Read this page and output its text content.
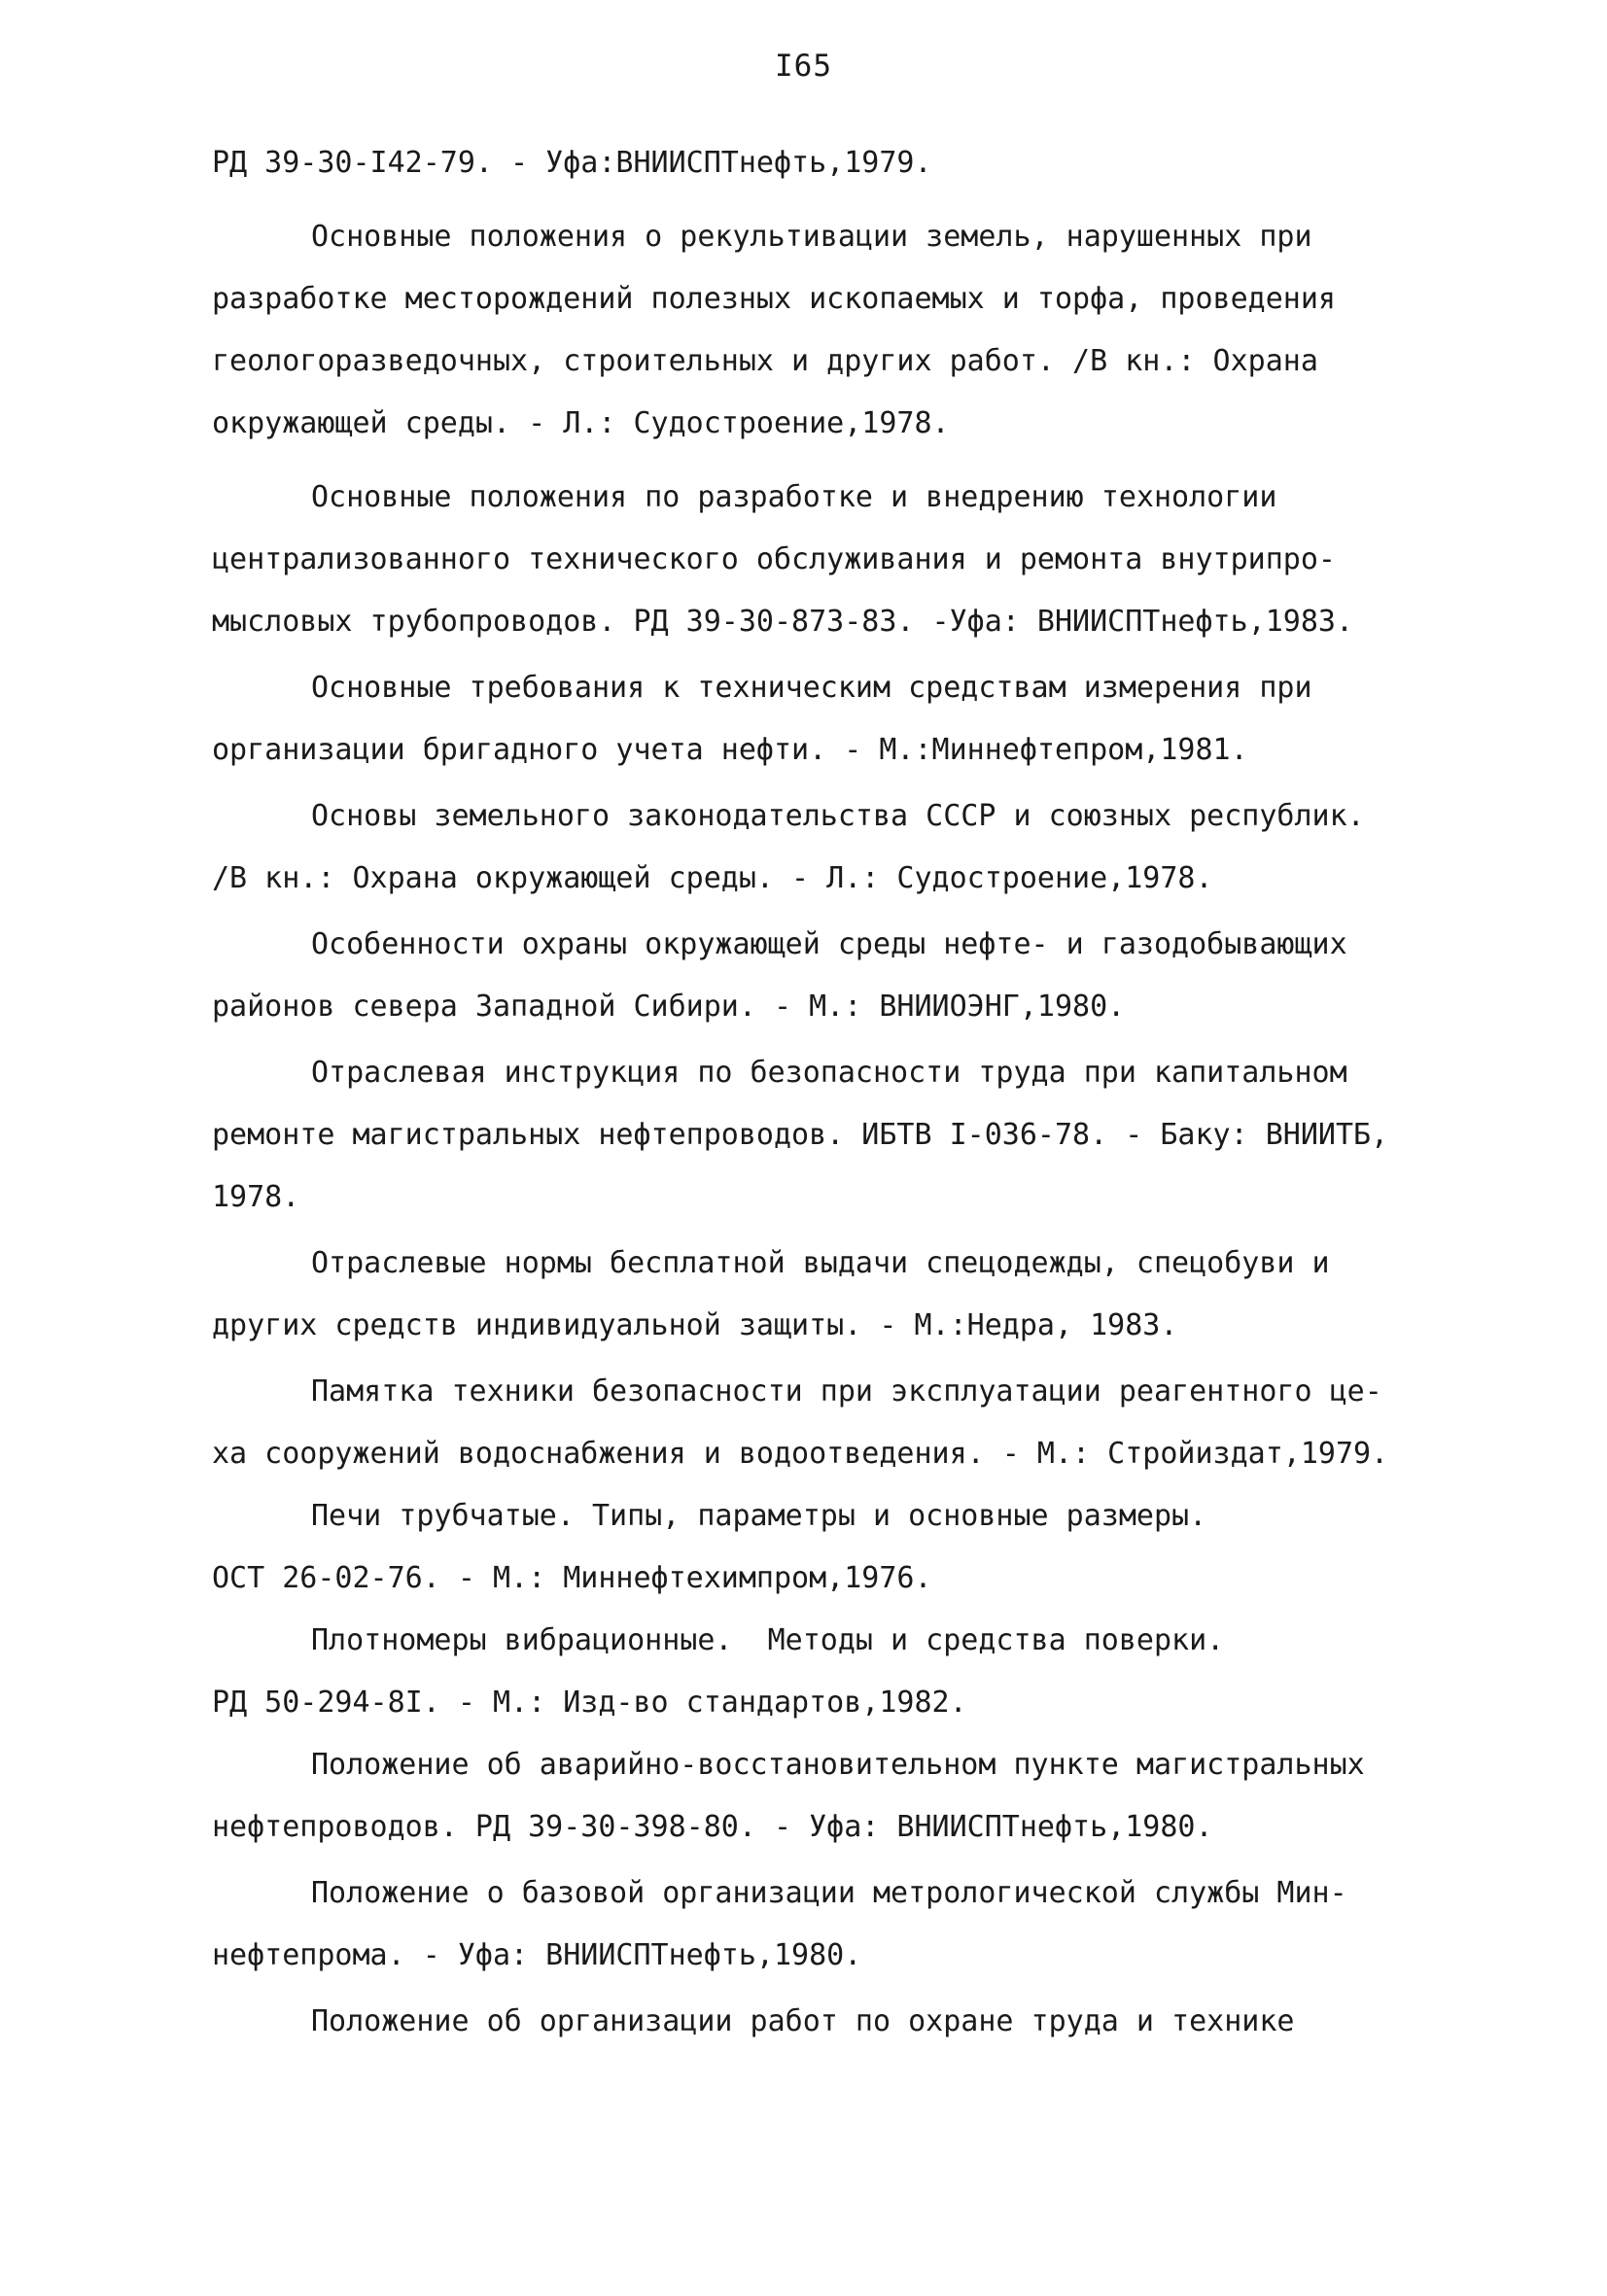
I65
РД 39-30-I42-79. - Уфа:ВНИИСПТнефть,1979.
Основные положения о рекультивации земель, нарушенных при
разработке месторождений полезных ископаемых и торфа, проведения
геологоразведочных, строительных и других работ. /В кн.: Охрана
окружающей среды. - Л.: Судостроение,1978.
Основные положения по разработке и внедрению технологии
централизованного технического обслуживания и ремонта внутрипро-
мысловых трубопроводов. РД 39-30-873-83. -Уфа: ВНИИСПТнефть,1983.
Основные требования к техническим средствам измерения при
организации бригадного учета нефти. - М.:Миннефтепром,1981.
Основы земельного законодательства СССР и союзных республик.
/В кн.: Охрана окружающей среды. - Л.: Судостроение,1978.
Особенности охраны окружающей среды нефте- и газодобывающих
районов севера Западной Сибири. - М.: ВНИИОЭНГ,1980.
Отраслевая инструкция по безопасности труда при капитальном
ремонте магистральных нефтепроводов. ИБТВ I-036-78. - Баку: ВНИИТБ,
1978.
Отраслевые нормы бесплатной выдачи спецодежды, спецобуви и
других средств индивидуальной защиты. - М.:Недра, 1983.
Памятка техники безопасности при эксплуатации реагентного це-
ха сооружений водоснабжения и водоотведения. - М.: Стройиздат,1979.
Печи трубчатые. Типы, параметры и основные размеры.
ОСТ 26-02-76. - М.: Миннефтехимпром,1976.
Плотномеры вибрационные.  Методы и средства поверки.
РД 50-294-8I. - М.: Изд-во стандартов,1982.
Положение об аварийно-восстановительном пункте магистральных
нефтепроводов. РД 39-30-398-80. - Уфа: ВНИИСПТнефть,1980.
Положение о базовой организации метрологической службы Мин-
нефтепрома. - Уфа: ВНИИСПТнефть,1980.
Положение об организации работ по охране труда и технике
